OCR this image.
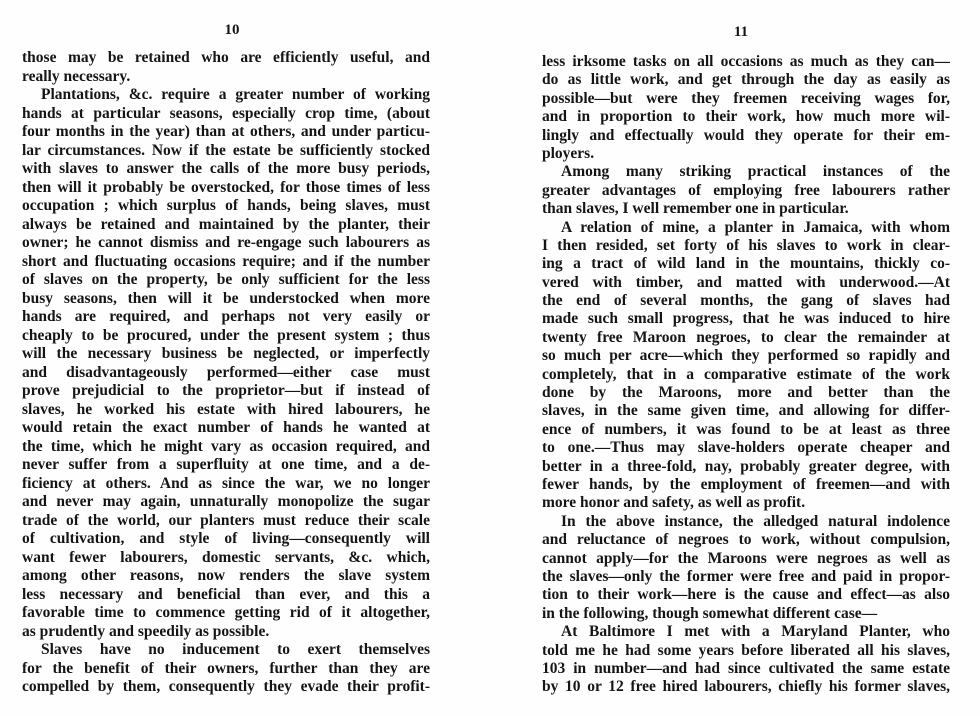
10
those may be retained who are efficiently useful, and
really necessary.
Plantations, &c. require a greater number of working
hands at particular seasons, especially crop time, (about
four months in the year) than at others, and under particu-
lar circumstances. Now if the estate be sufficiently stocked
with slaves to answer the calls of the more busy periods,
then will it probably be overstocked, for those times of less
occupation ; which surplus of hands, being slaves, must
always be retained and maintained by the planter, their
owner; he cannot dismiss and re-engage such labourers as
short and fluctuating occasions require; and if the number
of slaves on the property, be only sufficient for the less
busy seasons, then will it be understocked when more
hands are required, and perhaps not very easily or
cheaply to be procured, under the present system ; thus
will the necessary business be neglected, or imperfectly
and disadvantageously performed—either case must
prove prejudicial to the proprietor—but if instead of
slaves, he worked his estate with hired labourers, he
would retain the exact number of hands he wanted at
the time, which he might vary as occasion required, and
never suffer from a superfluity at one time, and a de-
ficiency at others. And as since the war, we no longer
and never may again, unnaturally monopolize the sugar
trade of the world, our planters must reduce their scale
of cultivation, and style of living—consequently will
want fewer labourers, domestic servants, &c. which,
among other reasons, now renders the slave system
less necessary and beneficial than ever, and this a
favorable time to commence getting rid of it altogether,
as prudently and speedily as possible.
Slaves have no inducement to exert themselves
for the benefit of their owners, further than they are
compelled by them, consequently they evade their profit-
11
less irksome tasks on all occasions as much as they can—
do as little work, and get through the day as easily as
possible—but were they freemen receiving wages for,
and in proportion to their work, how much more wil-
lingly and effectually would they operate for their em-
ployers.
Among many striking practical instances of the
greater advantages of employing free labourers rather
than slaves, I well remember one in particular.
A relation of mine, a planter in Jamaica, with whom
I then resided, set forty of his slaves to work in clear-
ing a tract of wild land in the mountains, thickly co-
vered with timber, and matted with underwood.—At
the end of several months, the gang of slaves had
made such small progress, that he was induced to hire
twenty free Maroon negroes, to clear the remainder at
so much per acre—which they performed so rapidly and
completely, that in a comparative estimate of the work
done by the Maroons, more and better than the
slaves, in the same given time, and allowing for differ-
ence of numbers, it was found to be at least as three
to one.—Thus may slave-holders operate cheaper and
better in a three-fold, nay, probably greater degree, with
fewer hands, by the employment of freemen—and with
more honor and safety, as well as profit.
In the above instance, the alledged natural indolence
and reluctance of negroes to work, without compulsion,
cannot apply—for the Maroons were negroes as well as
the slaves—only the former were free and paid in propor-
tion to their work—here is the cause and effect—as also
in the following, though somewhat different case—
At Baltimore I met with a Maryland Planter, who
told me he had some years before liberated all his slaves,
103 in number—and had since cultivated the same estate
by 10 or 12 free hired labourers, chiefly his former slaves,
